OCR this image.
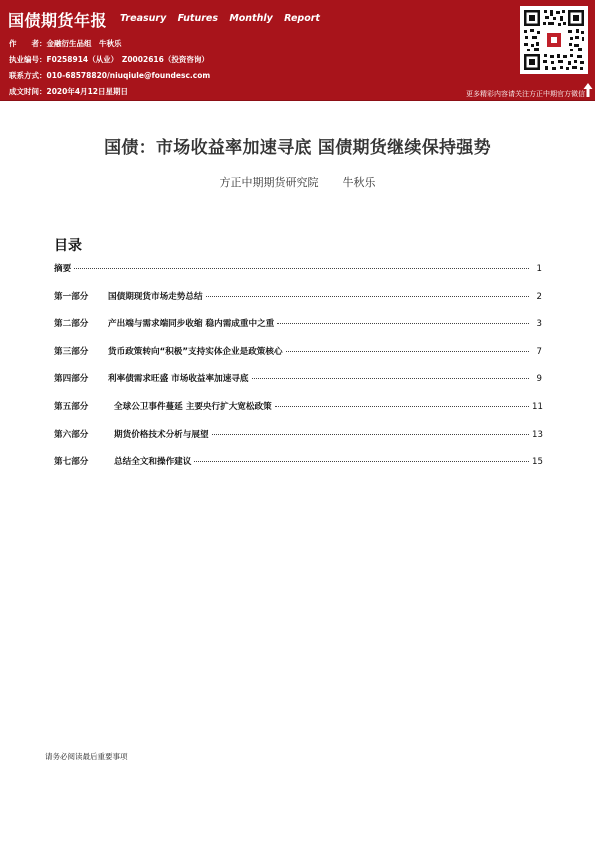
国债期货年报 Treasury Futures Monthly Report
作　　者：金融衍生品组　牛秋乐
执业编号：F0258914（从业）　Z0002616（投资咨询）
联系方式：010-68578820/niuqiule@foundesc.com
成文时间：2020年4月12日星期日	更多精彩内容请关注方正中期官方微信
国债：市场收益率加速寻底 国债期货继续保持强势
方正中期期货研究院 牛秋乐
目录
摘要	1
第一部分	国债期现货市场走势总结	2
第二部分	产出端与需求端同步收缩 稳内需成重中之重	3
第三部分	货币政策转向“积极”支持实体企业是政策核心	7
第四部分	利率债需求旺盛 市场收益率加速寻底	9
第五部分	全球公卫事件蔓延 主要央行扩大宽松政策	11
第六部分	期货价格技术分析与展望	13
第七部分	总结全文和操作建议	15
请务必阅读最后重要事项
